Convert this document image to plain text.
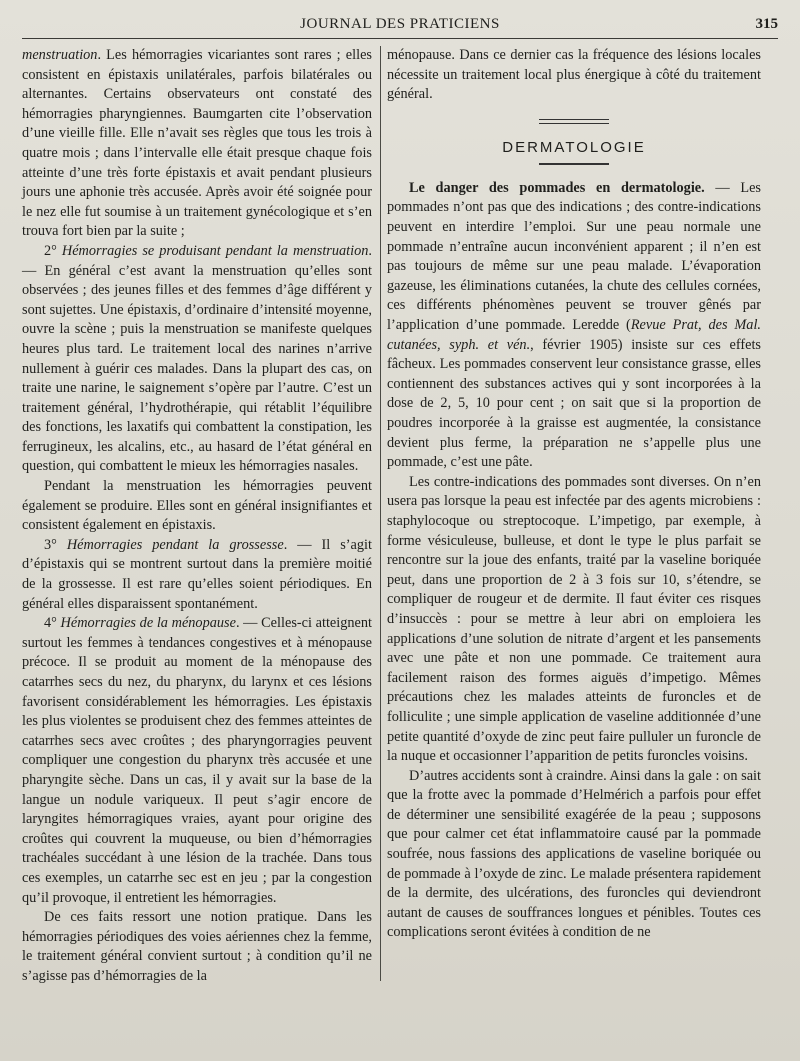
JOURNAL DES PRATICIENS	315

menstruation. Les hémorragies vicariantes sont rares ; elles consistent en épistaxis unilatérales, parfois bilatérales ou alternantes. Certains observateurs ont constaté des hémorragies pharyngiennes. Baumgarten cite l’observation d’une vieille fille. Elle n’avait ses règles que tous les trois à quatre mois ; dans l’intervalle elle était presque chaque fois atteinte d’une très forte épistaxis et avait pendant plusieurs jours une aphonie très accusée. Après avoir été soignée pour le nez elle fut soumise à un traitement gynécologique et s’en trouva fort bien par la suite ;

2° Hémorragies se produisant pendant la menstruation. — En général c’est avant la menstruation qu’elles sont observées ; des jeunes filles et des femmes d’âge différent y sont sujettes. Une épistaxis, d’ordinaire d’intensité moyenne, ouvre la scène ; puis la menstruation se manifeste quelques heures plus tard. Le traitement local des narines n’arrive nullement à guérir ces malades. Dans la plupart des cas, on traite une narine, le saignement s’opère par l’autre. C’est un traitement général, l’hydrothérapie, qui rétablit l’équilibre des fonctions, les laxatifs qui combattent la constipation, les ferrugineux, les alcalins, etc., au hasard de l’état général en question, qui combattent le mieux les hémorragies nasales.

Pendant la menstruation les hémorragies peuvent également se produire. Elles sont en général insignifiantes et consistent également en épistaxis.

3° Hémorragies pendant la grossesse. — Il s’agit d’épistaxis qui se montrent surtout dans la première moitié de la grossesse. Il est rare qu’elles soient périodiques. En général elles disparaissent spontanément.

4° Hémorragies de la ménopause. — Celles-ci atteignent surtout les femmes à tendances congestives et à ménopause précoce. Il se produit au moment de la ménopause des catarrhes secs du nez, du pharynx, du larynx et ces lésions favorisent considérablement les hémorragies. Les épistaxis les plus violentes se produisent chez des femmes atteintes de catarrhes secs avec croûtes ; des pharyngorragies peuvent compliquer une congestion du pharynx très accusée et une pharyngite sèche. Dans un cas, il y avait sur la base de la langue un nodule variqueux. Il peut s’agir encore de laryngites hémorragiques vraies, ayant pour origine des croûtes qui couvrent la muqueuse, ou bien d’hémorragies trachéales succédant à une lésion de la trachée. Dans tous ces exemples, un catarrhe sec est en jeu ; par la congestion qu’il provoque, il entretient les hémorragies.

De ces faits ressort une notion pratique. Dans les hémorragies périodiques des voies aériennes chez la femme, le traitement général convient surtout ; à condition qu’il ne s’agisse pas d’hémorragies de la

ménopause. Dans ce dernier cas la fréquence des lésions locales nécessite un traitement local plus énergique à côté du traitement général.

DERMATOLOGIE

Le danger des pommades en dermatologie. — Les pommades n’ont pas que des indications ; des contre-indications peuvent en interdire l’emploi. Sur une peau normale une pommade n’entraîne aucun inconvénient apparent ; il n’en est pas toujours de même sur une peau malade. L’évaporation gazeuse, les éliminations cutanées, la chute des cellules cornées, ces différents phénomènes peuvent se trouver gênés par l’application d’une pommade. Leredde (Revue Prat, des Mal. cutanées, syph. et vén., février 1905) insiste sur ces effets fâcheux. Les pommades conservent leur consistance grasse, elles contiennent des substances actives qui y sont incorporées à la dose de 2, 5, 10 pour cent ; on sait que si la proportion de poudres incorporée à la graisse est augmentée, la consistance devient plus ferme, la préparation ne s’appelle plus une pommade, c’est une pâte.

Les contre-indications des pommades sont diverses. On n’en usera pas lorsque la peau est infectée par des agents microbiens : staphylocoque ou streptocoque. L’impetigo, par exemple, à forme vésiculeuse, bulleuse, et dont le type le plus parfait se rencontre sur la joue des enfants, traité par la vaseline boriquée peut, dans une proportion de 2 à 3 fois sur 10, s’étendre, se compliquer de rougeur et de dermite. Il faut éviter ces risques d’insuccès : pour se mettre à leur abri on emploiera les applications d’une solution de nitrate d’argent et les pansements avec une pâte et non une pommade. Ce traitement aura facilement raison des formes aiguës d’impetigo. Mêmes précautions chez les malades atteints de furoncles et de folliculite ; une simple application de vaseline additionnée d’une petite quantité d’oxyde de zinc peut faire pulluler un furoncle de la nuque et occasionner l’apparition de petits furoncles voisins.

D’autres accidents sont à craindre. Ainsi dans la gale : on sait que la frotte avec la pommade d’Helmérich a parfois pour effet de déterminer une sensibilité exagérée de la peau ; supposons que pour calmer cet état inflammatoire causé par la pommade soufrée, nous fassions des applications de vaseline boriquée ou de pommade à l’oxyde de zinc. Le malade présentera rapidement de la dermite, des ulcérations, des furoncles qui deviendront autant de causes de souffrances longues et pénibles. Toutes ces complications seront évitées à condition de ne
